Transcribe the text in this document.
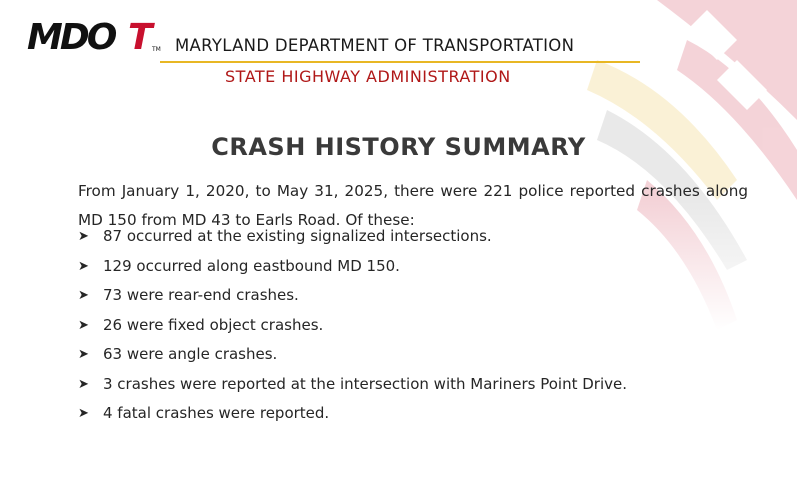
MDO T TM MARYLAND DEPARTMENT OF TRANSPORTATION
STATE HIGHWAY ADMINISTRATION
CRASH HISTORY SUMMARY

From January 1, 2020, to May 31, 2025, there were 221 police reported crashes along MD 150 from MD 43 to Earls Road. Of these:

➤ 87 occurred at the existing signalized intersections.
➤ 129 occurred along eastbound MD 150.
➤ 73 were rear-end crashes.
➤ 26 were fixed object crashes.
➤ 63 were angle crashes.
➤ 3 crashes were reported at the intersection with Mariners Point Drive.
➤ 4 fatal crashes were reported.
